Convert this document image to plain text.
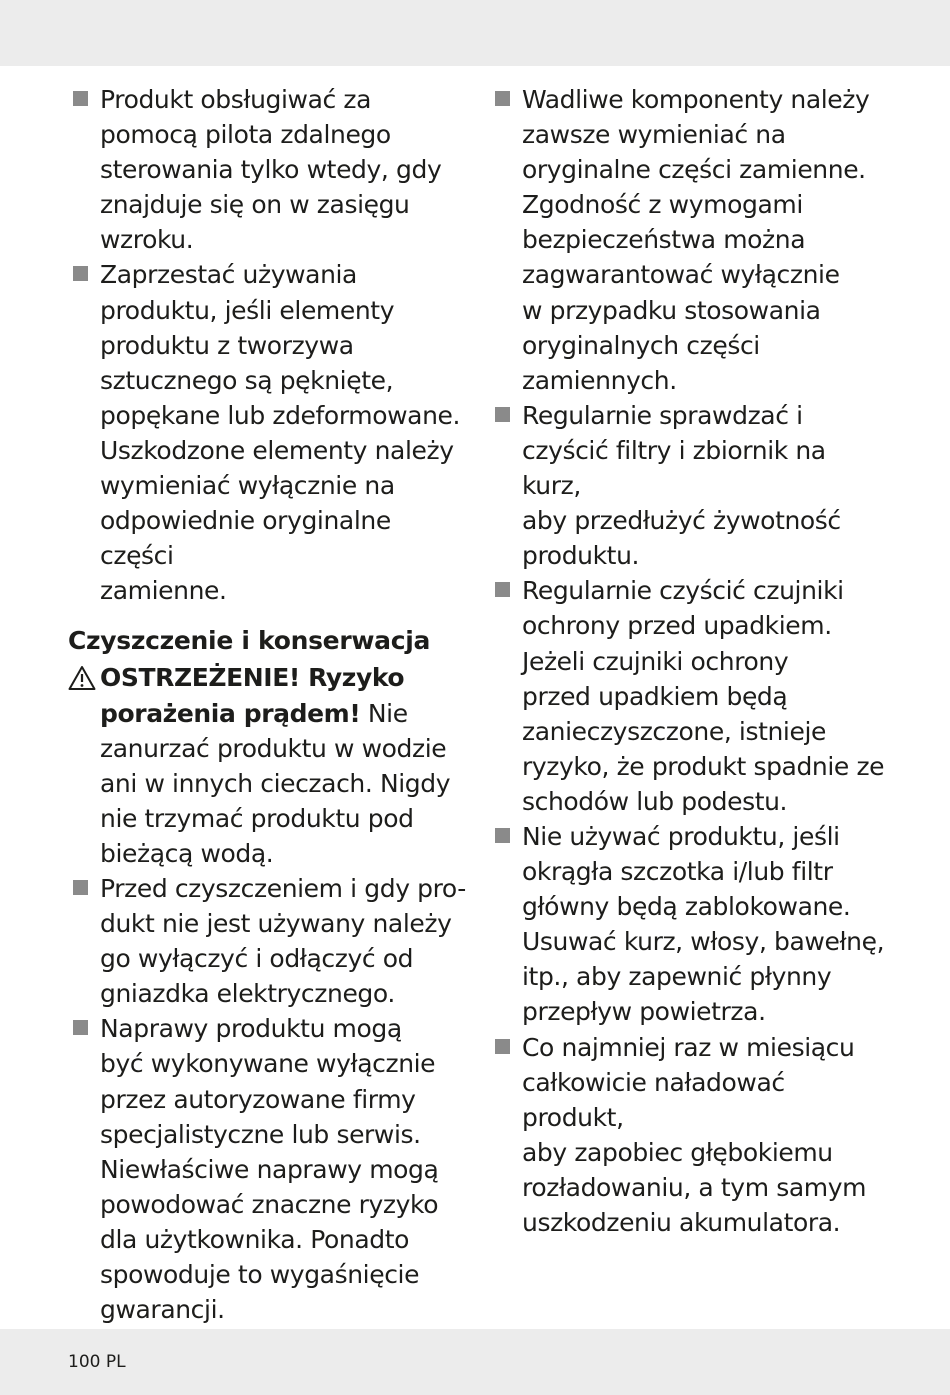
Produkt obsługiwać za
pomocą pilota zdalnego
sterowania tylko wtedy, gdy
znajduje się on w zasięgu
wzroku.
Zaprzestać używania
produktu, jeśli elementy
produktu z tworzywa
sztucznego są pęknięte,
popękane lub zdeformowane.
Uszkodzone elementy należy
wymieniać wyłącznie na
odpowiednie oryginalne części
zamienne.
Czyszczenie i konserwacja
OSTRZEŻENIE! Ryzyko
porażenia prądem! Nie
zanurzać produktu w wodzie
ani w innych cieczach. Nigdy
nie trzymać produktu pod
bieżącą wodą.
Przed czyszczeniem i gdy pro-
dukt nie jest używany należy
go wyłączyć i odłączyć od
gniazdka elektrycznego.
Naprawy produktu mogą
być wykonywane wyłącznie
przez autoryzowane firmy
specjalistyczne lub serwis.
Niewłaściwe naprawy mogą
powodować znaczne ryzyko
dla użytkownika. Ponadto
spowoduje to wygaśnięcie
gwarancji.
Wadliwe komponenty należy
zawsze wymieniać na
oryginalne części zamienne.
Zgodność z wymogami
bezpieczeństwa można
zagwarantować wyłącznie
w przypadku stosowania
oryginalnych części
zamiennych.
Regularnie sprawdzać i
czyścić filtry i zbiornik na kurz,
aby przedłużyć żywotność
produktu.
Regularnie czyścić czujniki
ochrony przed upadkiem.
Jeżeli czujniki ochrony
przed upadkiem będą
zanieczyszczone, istnieje
ryzyko, że produkt spadnie ze
schodów lub podestu.
Nie używać produktu, jeśli
okrągła szczotka i/lub filtr
główny będą zablokowane.
Usuwać kurz, włosy, bawełnę,
itp., aby zapewnić płynny
przepływ powietrza.
Co najmniej raz w miesiącu
całkowicie naładować produkt,
aby zapobiec głębokiemu
rozładowaniu, a tym samym
uszkodzeniu akumulatora.
100 PL
